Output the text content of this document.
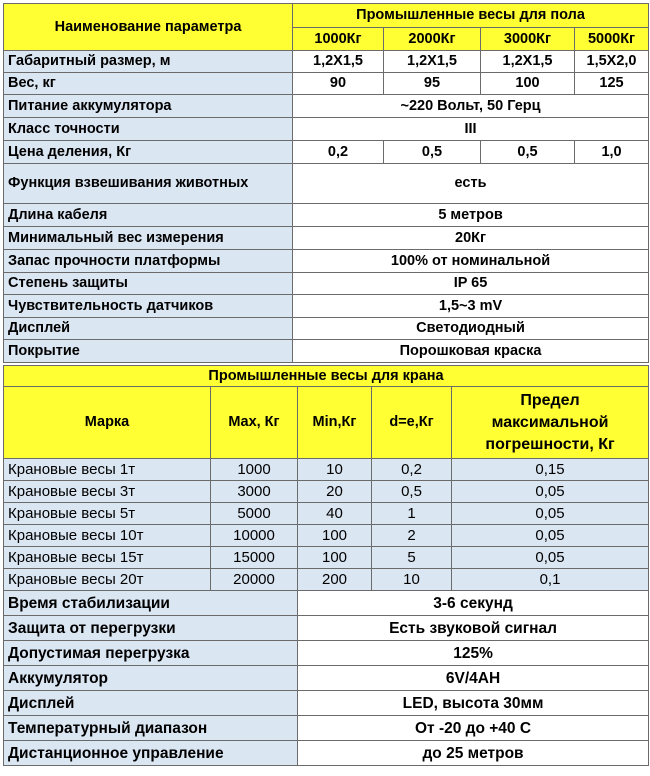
Наименование параметра	Промышленные весы для пола			
	1000Кг	2000Кг	3000Кг	5000Кг
Габаритный размер, м	1,2X1,5	1,2X1,5	1,2X1,5	1,5X2,0
Вес, кг	90	95	100	125
Питание аккумулятора	~220 Вольт, 50 Герц			
Класс точности	III			
Цена деления, Кг	0,2	0,5	0,5	1,0
Функция взвешивания животных	есть			
Длина кабеля	5 метров			
Минимальный вес измерения	20Кг			
Запас прочности платформы	100% от номинальной			
Степень защиты	IP 65			
Чувствительность датчиков	1,5~3 mV			
Дисплей	Светодиодный			
Покрытие	Порошковая краска			
Промышленные весы для крана				
Марка	Max, Кг	Min,Кг	d=e,Кг	Предел максимальной погрешности, Кг
Крановые весы 1т	1000	10	0,2	0,15
Крановые весы 3т	3000	20	0,5	0,05
Крановые весы 5т	5000	40	1	0,05
Крановые весы 10т	10000	100	2	0,05
Крановые весы 15т	15000	100	5	0,05
Крановые весы 20т	20000	200	10	0,1
Время стабилизации		3-6 секунд		
Защита от перегрузки		Есть звуковой сигнал		
Допустимая перегрузка		125%		
Аккумулятор		6V/4AH		
Дисплей		LED, высота 30мм		
Температурный диапазон		От -20 до +40 С		
Дистанционное управление		до 25 метров		
